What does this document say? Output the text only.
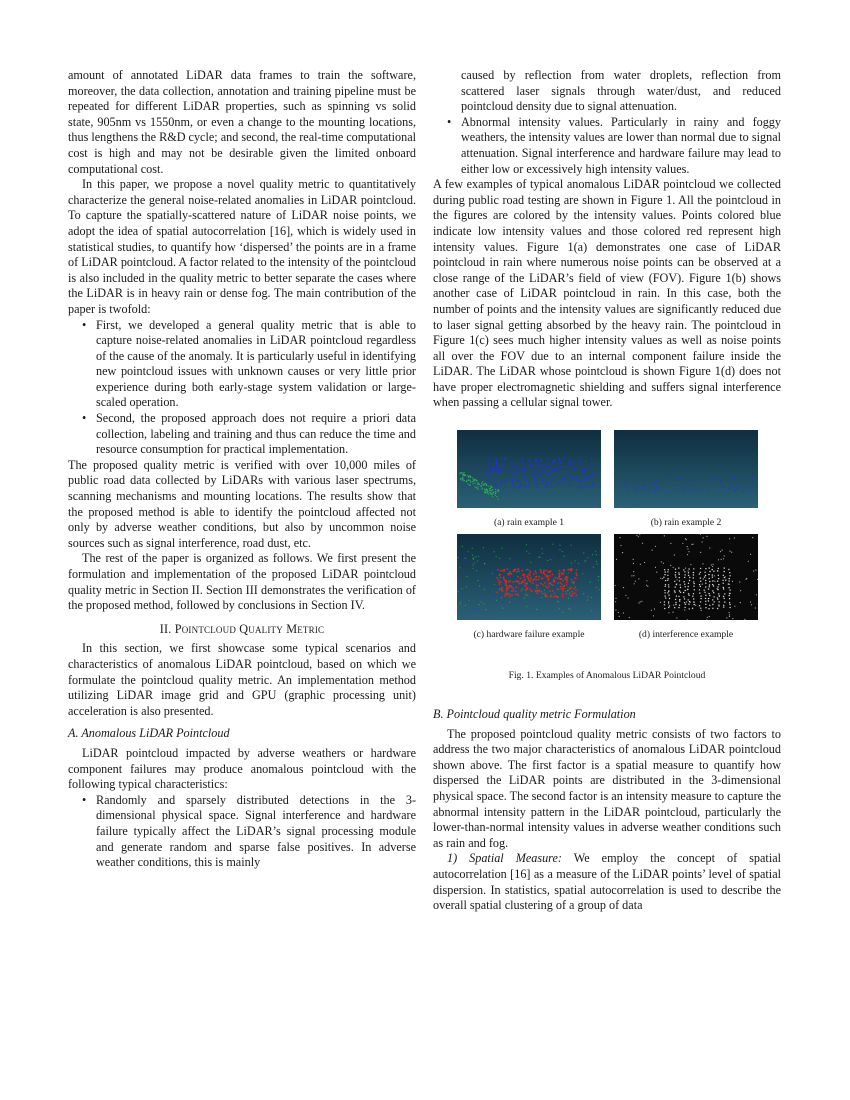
amount of annotated LiDAR data frames to train the software, moreover, the data collection, annotation and training pipeline must be repeated for different LiDAR properties, such as spinning vs solid state, 905nm vs 1550nm, or even a change to the mounting locations, thus lengthens the R&D cycle; and second, the real-time computational cost is high and may not be desirable given the limited onboard computational cost.

In this paper, we propose a novel quality metric to quantitatively characterize the general noise-related anomalies in LiDAR pointcloud. To capture the spatially-scattered nature of LiDAR noise points, we adopt the idea of spatial autocorrelation [16], which is widely used in statistical studies, to quantify how ‘dispersed’ the points are in a frame of LiDAR pointcloud. A factor related to the intensity of the pointcloud is also included in the quality metric to better separate the cases where the LiDAR is in heavy rain or dense fog. The main contribution of the paper is twofold:

• First, we developed a general quality metric that is able to capture noise-related anomalies in LiDAR pointcloud regardless of the cause of the anomaly. It is particularly useful in identifying new pointcloud issues with unknown causes or very little prior experience during both early-stage system validation or large-scaled operation.
• Second, the proposed approach does not require a priori data collection, labeling and training and thus can reduce the time and resource consumption for practical implementation.

The proposed quality metric is verified with over 10,000 miles of public road data collected by LiDARs with various laser spectrums, scanning mechanisms and mounting locations. The results show that the proposed method is able to identify the pointcloud affected not only by adverse weather conditions, but also by uncommon noise sources such as signal interference, road dust, etc.

The rest of the paper is organized as follows. We first present the formulation and implementation of the proposed LiDAR pointcloud quality metric in Section II. Section III demonstrates the verification of the proposed method, followed by conclusions in Section IV.

II. Pointcloud Quality Metric

In this section, we first showcase some typical scenarios and characteristics of anomalous LiDAR pointcloud, based on which we formulate the pointcloud quality metric. An implementation method utilizing LiDAR image grid and GPU (graphic processing unit) acceleration is also presented.

A. Anomalous LiDAR Pointcloud

LiDAR pointcloud impacted by adverse weathers or hardware component failures may produce anomalous pointcloud with the following typical characteristics:

• Randomly and sparsely distributed detections in the 3-dimensional physical space. Signal interference and hardware failure typically affect the LiDAR’s signal processing module and generate random and sparse false positives. In adverse weather conditions, this is mainly
caused by reflection from water droplets, reflection from scattered laser signals through water/dust, and reduced pointcloud density due to signal attenuation.
• Abnormal intensity values. Particularly in rainy and foggy weathers, the intensity values are lower than normal due to signal attenuation. Signal interference and hardware failure may lead to either low or excessively high intensity values.

A few examples of typical anomalous LiDAR pointcloud we collected during public road testing are shown in Figure 1. All the pointcloud in the figures are colored by the intensity values. Points colored blue indicate low intensity values and those colored red represent high intensity values. Figure 1(a) demonstrates one case of LiDAR pointcloud in rain where numerous noise points can be observed at a close range of the LiDAR’s field of view (FOV). Figure 1(b) shows another case of LiDAR pointcloud in rain. In this case, both the number of points and the intensity values are significantly reduced due to laser signal getting absorbed by the heavy rain. The pointcloud in Figure 1(c) sees much higher intensity values as well as noise points all over the FOV due to an internal component failure inside the LiDAR. The LiDAR whose pointcloud is shown Figure 1(d) does not have proper electromagnetic shielding and suffers signal interference when passing a cellular signal tower.

(a) rain example 1	(b) rain example 2
(c) hardware failure example	(d) interference example
Fig. 1. Examples of Anomalous LiDAR Pointcloud
B. Pointcloud quality metric Formulation

The proposed pointcloud quality metric consists of two factors to address the two major characteristics of anomalous LiDAR pointcloud shown above. The first factor is a spatial measure to quantify how dispersed the LiDAR points are distributed in the 3-dimensional physical space. The second factor is an intensity measure to capture the abnormal intensity pattern in the LiDAR pointcloud, particularly the lower-than-normal intensity values in adverse weather conditions such as rain and fog.

1) Spatial Measure: We employ the concept of spatial autocorrelation [16] as a measure of the LiDAR points’ level of spatial dispersion. In statistics, spatial autocorrelation is used to describe the overall spatial clustering of a group of data
